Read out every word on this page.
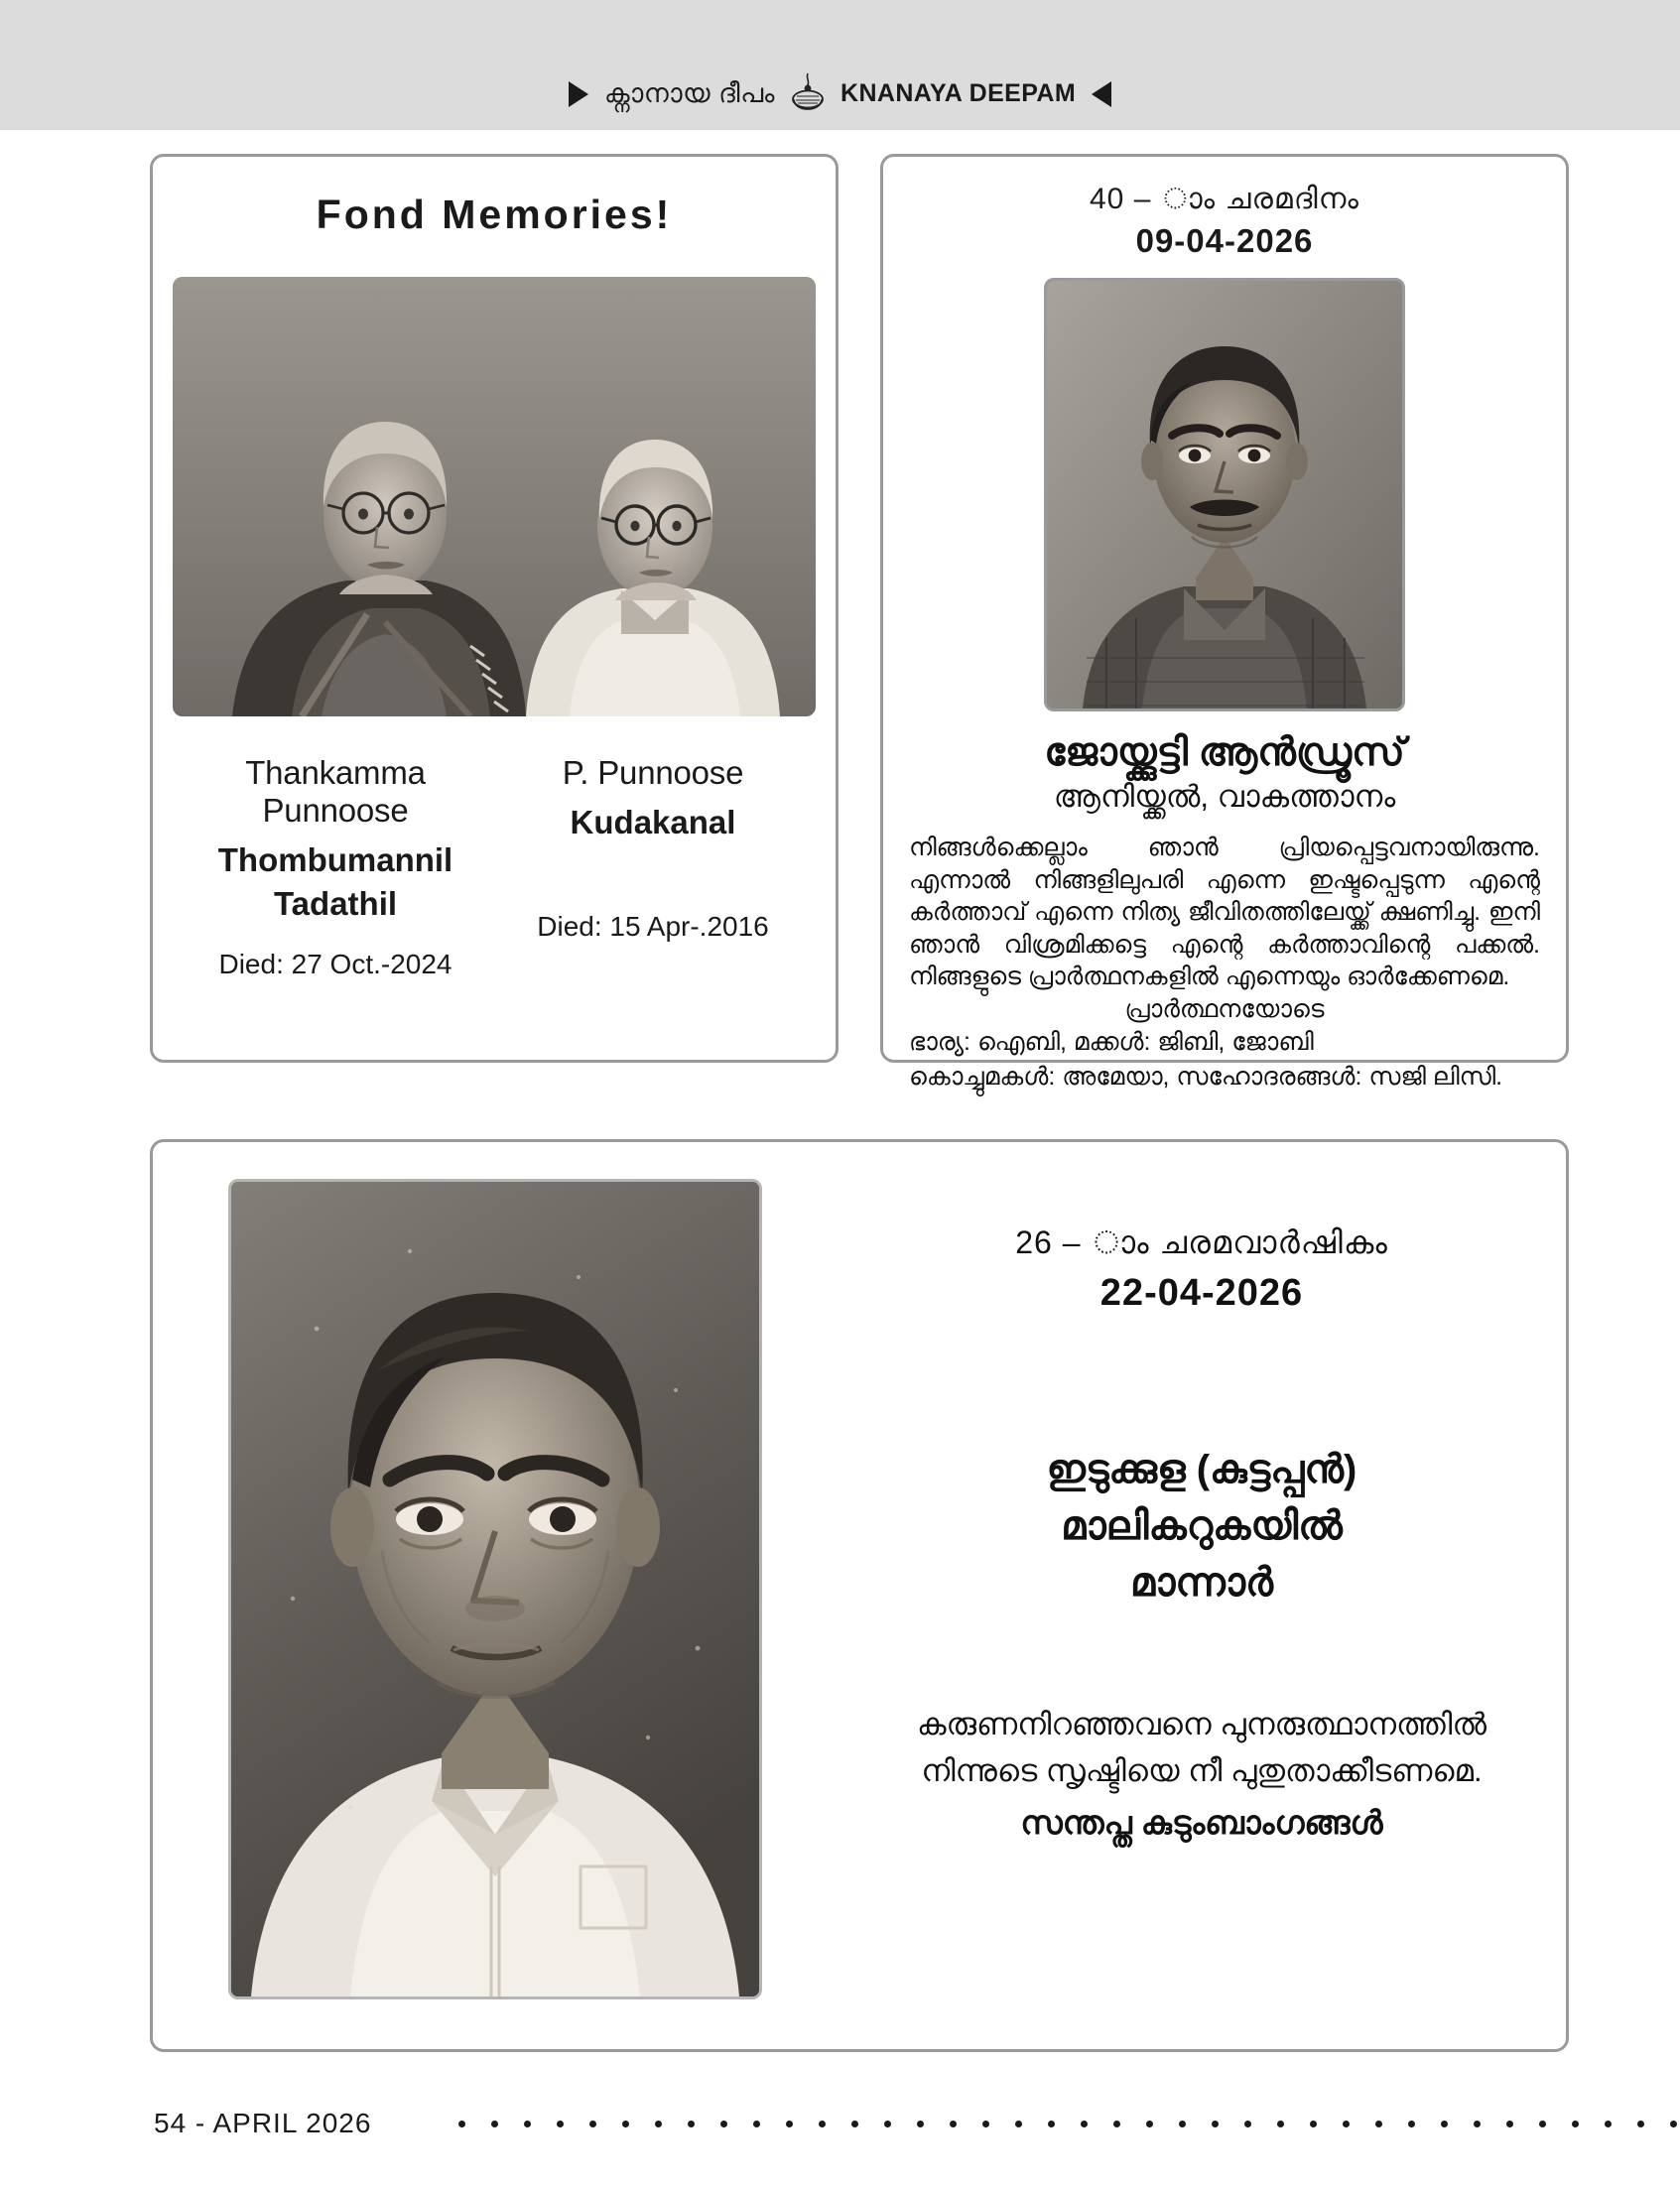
ക്നാനായ ദീപം	KNANAYA DEEPAM
Fond Memories!
Thankamma Punnoose
Thombumannil
Tadathil
P. Punnoose
Kudakanal
Died: 27 Oct.-2024
Died: 15 Apr-.2016
40 – ാം ചരമദിനം
09-04-2026
ജോയ്ക്കുട്ടി ആൻഡ്രൂസ്
ആനിയ്ക്കൽ, വാകത്താനം
നിങ്ങൾക്കെല്ലാം ഞാൻ പ്രിയപ്പെട്ടവനായിരുന്നു. എന്നാൽ നിങ്ങളിലുപരി എന്നെ ഇഷ്ടപ്പെടുന്ന എന്റെ കർത്താവ് എന്നെ നിത്യ ജീവിതത്തിലേയ്ക്ക് ക്ഷണിച്ചു. ഇനി ഞാൻ വിശ്രമിക്കട്ടെ എന്റെ കർത്താവിന്റെ പക്കൽ. നിങ്ങളുടെ പ്രാർത്ഥനകളിൽ എന്നെയും ഓർക്കേണമെ.
പ്രാർത്ഥനയോടെ
ഭാര്യ: ഐബി, മക്കൾ: ജിബി, ജോബി
കൊച്ചുമകൾ: അമേയാ, സഹോദരങ്ങൾ: സജി ലിസി.
26 – ാം ചരമവാർഷികം
22-04-2026
ഇടുക്കുള (കുട്ടപ്പൻ)
മാലികറുകയിൽ
മാന്നാർ
കരുണനിറഞ്ഞവനെ പുനരുത്ഥാനത്തിൽ
നിന്നുടെ സൃഷ്ടിയെ നീ പുതുതാക്കീടണമെ.
സന്തപ്ത കുടുംബാംഗങ്ങൾ
54 - APRIL 2026
